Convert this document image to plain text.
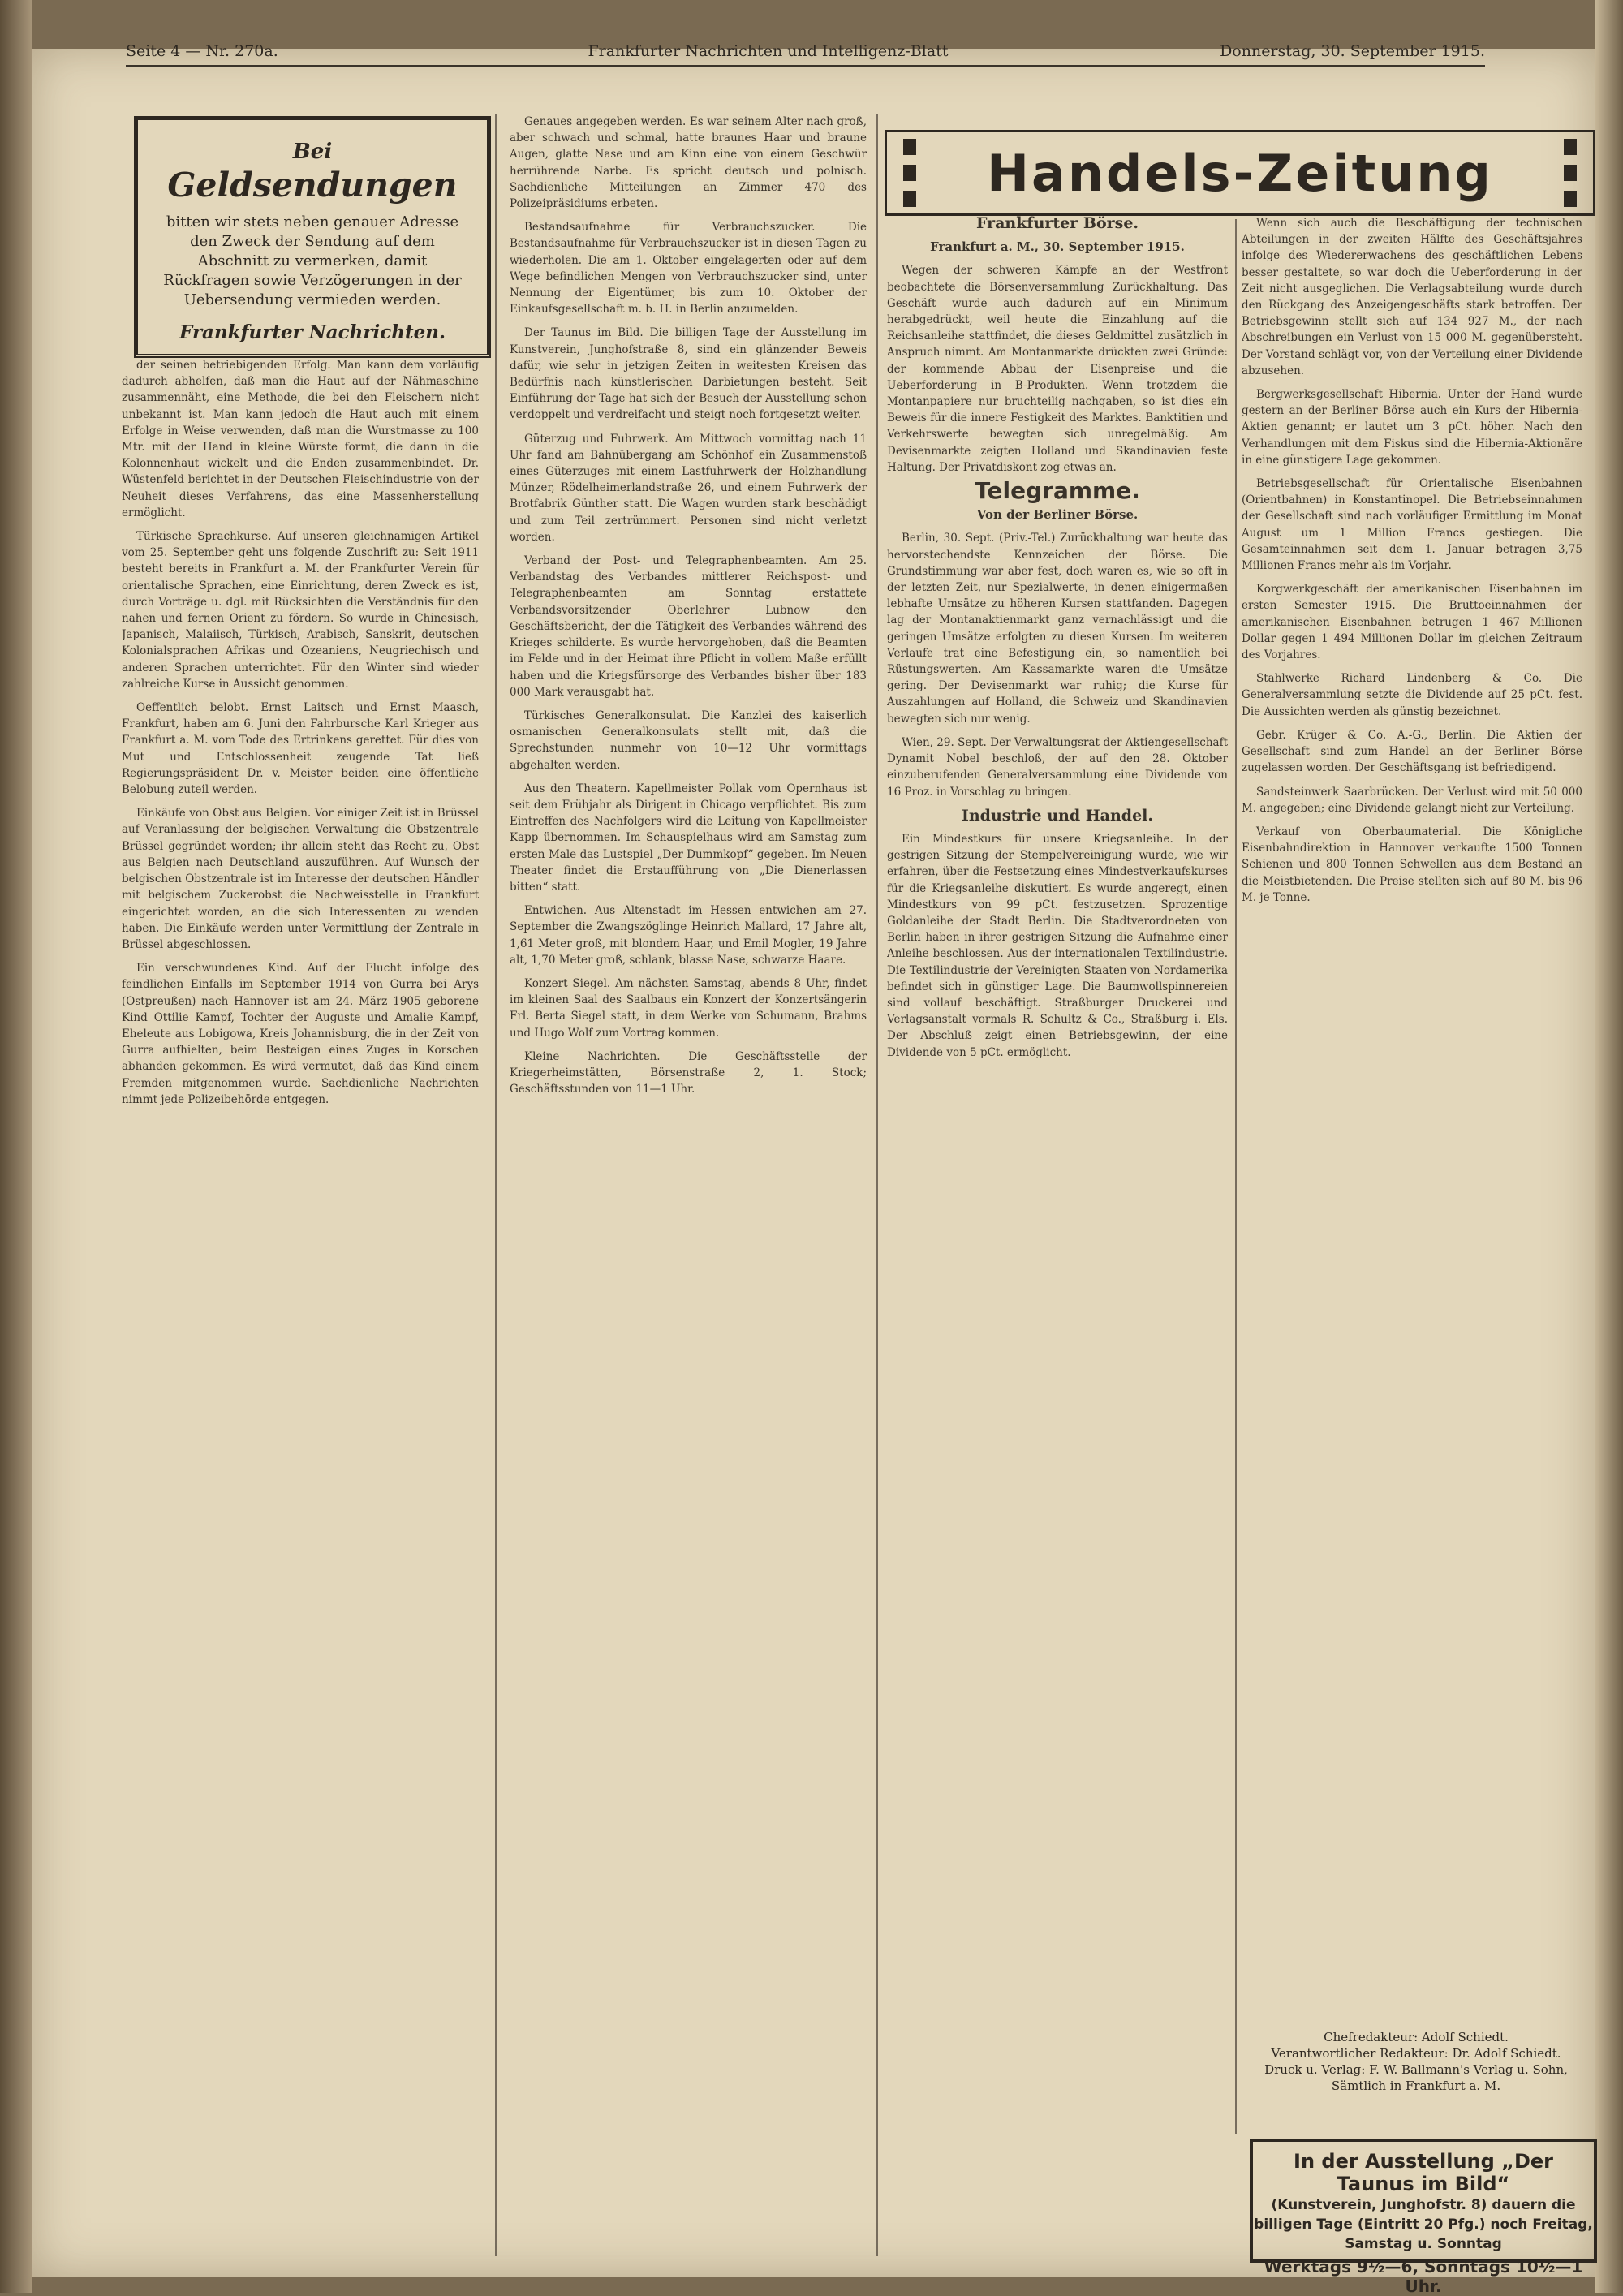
Seite 4 — Nr. 270a.	Frankfurter Nachrichten und Intelligenz-Blatt	Donnerstag, 30. September 1915.
Bei
Geldsendungen
bitten wir stets neben genauer Adresse den Zweck der Sendung auf dem Abschnitt zu vermerken, damit Rückfragen sowie Verzögerungen in der Uebersendung vermieden werden.
Frankfurter Nachrichten.

der seinen betriebigenden Erfolg. Man kann dem vorläufig dadurch abhelfen, daß man die Haut auf der Nähmaschine zusammennäht, eine Methode, die bei den Fleischern nicht unbekannt ist. Man kann jedoch die Haut auch mit einem Erfolge in Weise verwenden, daß man die Wurstmasse zu 100 Mtr. mit der Hand in kleine Würste formt, die dann in die Kolonnenhaut wickelt und die Enden zusammenbindet. Dr. Wüstenfeld berichtet in der Deutschen Fleischindustrie von der Neuheit dieses Verfahrens, das eine Massenherstellung ermöglicht.

Türkische Sprachkurse. Auf unseren gleichnamigen Artikel vom 25. September geht uns folgende Zuschrift zu: Seit 1911 besteht bereits in Frankfurt a. M. der Frankfurter Verein für orientalische Sprachen, eine Einrichtung, deren Zweck es ist, durch Vorträge u. dgl. mit Rücksichten die Verständnis für den nahen und fernen Orient zu fördern. So wurde in Chinesisch, Japanisch, Malaiisch, Türkisch, Arabisch, Sanskrit, deutschen Kolonialsprachen Afrikas und Ozeaniens, Neugriechisch und anderen Sprachen unterrichtet. Für den Winter sind wieder zahlreiche Kurse in Aussicht genommen.

Oeffentlich belobt. Ernst Laitsch und Ernst Maasch, Frankfurt, haben am 6. Juni den Fahrbursche Karl Krieger aus Frankfurt a. M. vom Tode des Ertrinkens gerettet. Für dies von Mut und Entschlossenheit zeugende Tat ließ Regierungspräsident Dr. v. Meister beiden eine öffentliche Belobung zuteil werden.

Einkäufe von Obst aus Belgien. Vor einiger Zeit ist in Brüssel auf Veranlassung der belgischen Verwaltung die Obstzentrale Brüssel gegründet worden; ihr allein steht das Recht zu, Obst aus Belgien nach Deutschland auszuführen. Auf Wunsch der belgischen Obstzentrale ist im Interesse der deutschen Händler mit belgischem Zuckerobst die Nachweisstelle in Frankfurt eingerichtet worden, an die sich Interessenten zu wenden haben. Die Einkäufe werden unter Vermittlung der Zentrale in Brüssel abgeschlossen.

Ein verschwundenes Kind. Auf der Flucht infolge des feindlichen Einfalls im September 1914 von Gurra bei Arys (Ostpreußen) nach Hannover ist am 24. März 1905 geborene Kind Ottilie Kampf, Tochter der Auguste und Amalie Kampf, Eheleute aus Lobigowa, Kreis Johannisburg, die in der Zeit von Gurra aufhielten, beim Besteigen eines Zuges in Korschen abhanden gekommen. Es wird vermutet, daß das Kind einem Fremden mitgenommen wurde. Sachdienliche Nachrichten nimmt jede Polizeibehörde entgegen.

Genaues angegeben werden. Es war seinem Alter nach groß, aber schwach und schmal, hatte braunes Haar und braune Augen, glatte Nase und am Kinn eine von einem Geschwür herrührende Narbe. Es spricht deutsch und polnisch. Sachdienliche Mitteilungen an Zimmer 470 des Polizeipräsidiums erbeten.

Bestandsaufnahme für Verbrauchszucker. Die Bestandsaufnahme für Verbrauchszucker ist in diesen Tagen zu wiederholen. Die am 1. Oktober eingelagerten oder auf dem Wege befindlichen Mengen von Verbrauchszucker sind, unter Nennung der Eigentümer, bis zum 10. Oktober der Einkaufsgesellschaft m. b. H. in Berlin anzumelden.

Der Taunus im Bild. Die billigen Tage der Ausstellung im Kunstverein, Junghofstraße 8, sind ein glänzender Beweis dafür, wie sehr in jetzigen Zeiten in weitesten Kreisen das Bedürfnis nach künstlerischen Darbietungen besteht. Seit Einführung der Tage hat sich der Besuch der Ausstellung schon verdoppelt und verdreifacht und steigt noch fortgesetzt weiter.

Güterzug und Fuhrwerk. Am Mittwoch vormittag nach 11 Uhr fand am Bahnübergang am Schönhof ein Zusammenstoß eines Güterzuges mit einem Lastfuhrwerk der Holzhandlung Münzer, Rödelheimerlandstraße 26, und einem Fuhrwerk der Brotfabrik Günther statt. Die Wagen wurden stark beschädigt und zum Teil zertrümmert. Personen sind nicht verletzt worden.

Verband der Post- und Telegraphenbeamten. Am 25. Verbandstag des Verbandes mittlerer Reichspost- und Telegraphenbeamten am Sonntag erstattete Verbandsvorsitzender Oberlehrer Lubnow den Geschäftsbericht, der die Tätigkeit des Verbandes während des Krieges schilderte. Es wurde hervorgehoben, daß die Beamten im Felde und in der Heimat ihre Pflicht in vollem Maße erfüllt haben und die Kriegsfürsorge des Verbandes bisher über 183 000 Mark verausgabt hat.

Türkisches Generalkonsulat. Die Kanzlei des kaiserlich osmanischen Generalkonsulats stellt mit, daß die Sprechstunden nunmehr von 10—12 Uhr vormittags abgehalten werden.

Aus den Theatern. Kapellmeister Pollak vom Opernhaus ist seit dem Frühjahr als Dirigent in Chicago verpflichtet. Bis zum Eintreffen des Nachfolgers wird die Leitung von Kapellmeister Kapp übernommen. Im Schauspielhaus wird am Samstag zum ersten Male das Lustspiel „Der Dummkopf“ gegeben. Im Neuen Theater findet die Erstaufführung von „Die Dienerlassen bitten“ statt.

Entwichen. Aus Altenstadt im Hessen entwichen am 27. September die Zwangszöglinge Heinrich Mallard, 17 Jahre alt, 1,61 Meter groß, mit blondem Haar, und Emil Mogler, 19 Jahre alt, 1,70 Meter groß, schlank, blasse Nase, schwarze Haare.

Konzert Siegel. Am nächsten Samstag, abends 8 Uhr, findet im kleinen Saal des Saalbaus ein Konzert der Konzertsängerin Frl. Berta Siegel statt, in dem Werke von Schumann, Brahms und Hugo Wolf zum Vortrag kommen.

Kleine Nachrichten. Die Geschäftsstelle der Kriegerheimstätten, Börsenstraße 2, 1. Stock; Geschäftsstunden von 11—1 Uhr.

Handels-Zeitung

Frankfurter Börse.

Frankfurt a. M., 30. September 1915.

Wegen der schweren Kämpfe an der Westfront beobachtete die Börsenversammlung Zurückhaltung. Das Geschäft wurde auch dadurch auf ein Minimum herabgedrückt, weil heute die Einzahlung auf die Reichsanleihe stattfindet, die dieses Geldmittel zusätzlich in Anspruch nimmt. Am Montanmarkte drückten zwei Gründe: der kommende Abbau der Eisenpreise und die Ueberforderung in B-Produkten. Wenn trotzdem die Montanpapiere nur bruchteilig nachgaben, so ist dies ein Beweis für die innere Festigkeit des Marktes. Banktitien und Verkehrswerte bewegten sich unregelmäßig. Am Devisenmarkte zeigten Holland und Skandinavien feste Haltung. Der Privatdiskont zog etwas an.

Telegramme.

Von der Berliner Börse.

Berlin, 30. Sept. (Priv.-Tel.) Zurückhaltung war heute das hervorstechendste Kennzeichen der Börse. Die Grundstimmung war aber fest, doch waren es, wie so oft in der letzten Zeit, nur Spezialwerte, in denen einigermaßen lebhafte Umsätze zu höheren Kursen stattfanden. Dagegen lag der Montanaktienmarkt ganz vernachlässigt und die geringen Umsätze erfolgten zu diesen Kursen. Im weiteren Verlaufe trat eine Befestigung ein, so namentlich bei Rüstungswerten. Am Kassamarkte waren die Umsätze gering. Der Devisenmarkt war ruhig; die Kurse für Auszahlungen auf Holland, die Schweiz und Skandinavien bewegten sich nur wenig.

Wien, 29. Sept. Der Verwaltungsrat der Aktiengesellschaft Dynamit Nobel beschloß, der auf den 28. Oktober einzuberufenden Generalversammlung eine Dividende von 16 Proz. in Vorschlag zu bringen.

Industrie und Handel.

Ein Mindestkurs für unsere Kriegsanleihe. In der gestrigen Sitzung der Stempelvereinigung wurde, wie wir erfahren, über die Festsetzung eines Mindestverkaufskurses für die Kriegsanleihe diskutiert. Es wurde angeregt, einen Mindestkurs von 99 pCt. festzusetzen. Sprozentige Goldanleihe der Stadt Berlin. Die Stadtverordneten von Berlin haben in ihrer gestrigen Sitzung die Aufnahme einer Anleihe beschlossen. Aus der internationalen Textilindustrie. Die Textilindustrie der Vereinigten Staaten von Nordamerika befindet sich in günstiger Lage. Die Baumwollspinnereien sind vollauf beschäftigt. Straßburger Druckerei und Verlagsanstalt vormals R. Schultz & Co., Straßburg i. Els. Der Abschluß zeigt einen Betriebsgewinn, der eine Dividende von 5 pCt. ermöglicht.

Wenn sich auch die Beschäftigung der technischen Abteilungen in der zweiten Hälfte des Geschäftsjahres infolge des Wiedererwachens des geschäftlichen Lebens besser gestaltete, so war doch die Ueberforderung in der Zeit nicht ausgeglichen. Die Verlagsabteilung wurde durch den Rückgang des Anzeigengeschäfts stark betroffen. Der Betriebsgewinn stellt sich auf 134 927 M., der nach Abschreibungen ein Verlust von 15 000 M. gegenübersteht. Der Vorstand schlägt vor, von der Verteilung einer Dividende abzusehen.

Bergwerksgesellschaft Hibernia. Unter der Hand wurde gestern an der Berliner Börse auch ein Kurs der Hibernia-Aktien genannt; er lautet um 3 pCt. höher. Nach den Verhandlungen mit dem Fiskus sind die Hibernia-Aktionäre in eine günstigere Lage gekommen.

Betriebsgesellschaft für Orientalische Eisenbahnen (Orientbahnen) in Konstantinopel. Die Betriebseinnahmen der Gesellschaft sind nach vorläufiger Ermittlung im Monat August um 1 Million Francs gestiegen. Die Gesamteinnahmen seit dem 1. Januar betragen 3,75 Millionen Francs mehr als im Vorjahr.

Korgwerkgeschäft der amerikanischen Eisenbahnen im ersten Semester 1915. Die Bruttoeinnahmen der amerikanischen Eisenbahnen betrugen 1 467 Millionen Dollar gegen 1 494 Millionen Dollar im gleichen Zeitraum des Vorjahres.

Stahlwerke Richard Lindenberg & Co. Die Generalversammlung setzte die Dividende auf 25 pCt. fest. Die Aussichten werden als günstig bezeichnet.

Gebr. Krüger & Co. A.-G., Berlin. Die Aktien der Gesellschaft sind zum Handel an der Berliner Börse zugelassen worden. Der Geschäftsgang ist befriedigend.

Sandsteinwerk Saarbrücken. Der Verlust wird mit 50 000 M. angegeben; eine Dividende gelangt nicht zur Verteilung.

Verkauf von Oberbaumaterial. Die Königliche Eisenbahndirektion in Hannover verkaufte 1500 Tonnen Schienen und 800 Tonnen Schwellen aus dem Bestand an die Meistbietenden. Die Preise stellten sich auf 80 M. bis 96 M. je Tonne.

Chefredakteur: Adolf Schiedt.
Verantwortlicher Redakteur: Dr. Adolf Schiedt.
Druck u. Verlag: F. W. Ballmann's Verlag u. Sohn,
Sämtlich in Frankfurt a. M.
In der Ausstellung „Der Taunus im Bild“
(Kunstverein, Junghofstr. 8) dauern die billigen Tage (Eintritt 20 Pfg.) noch Freitag, Samstag u. Sonntag
Werktags 9½—6, Sonntags 10½—1 Uhr.
